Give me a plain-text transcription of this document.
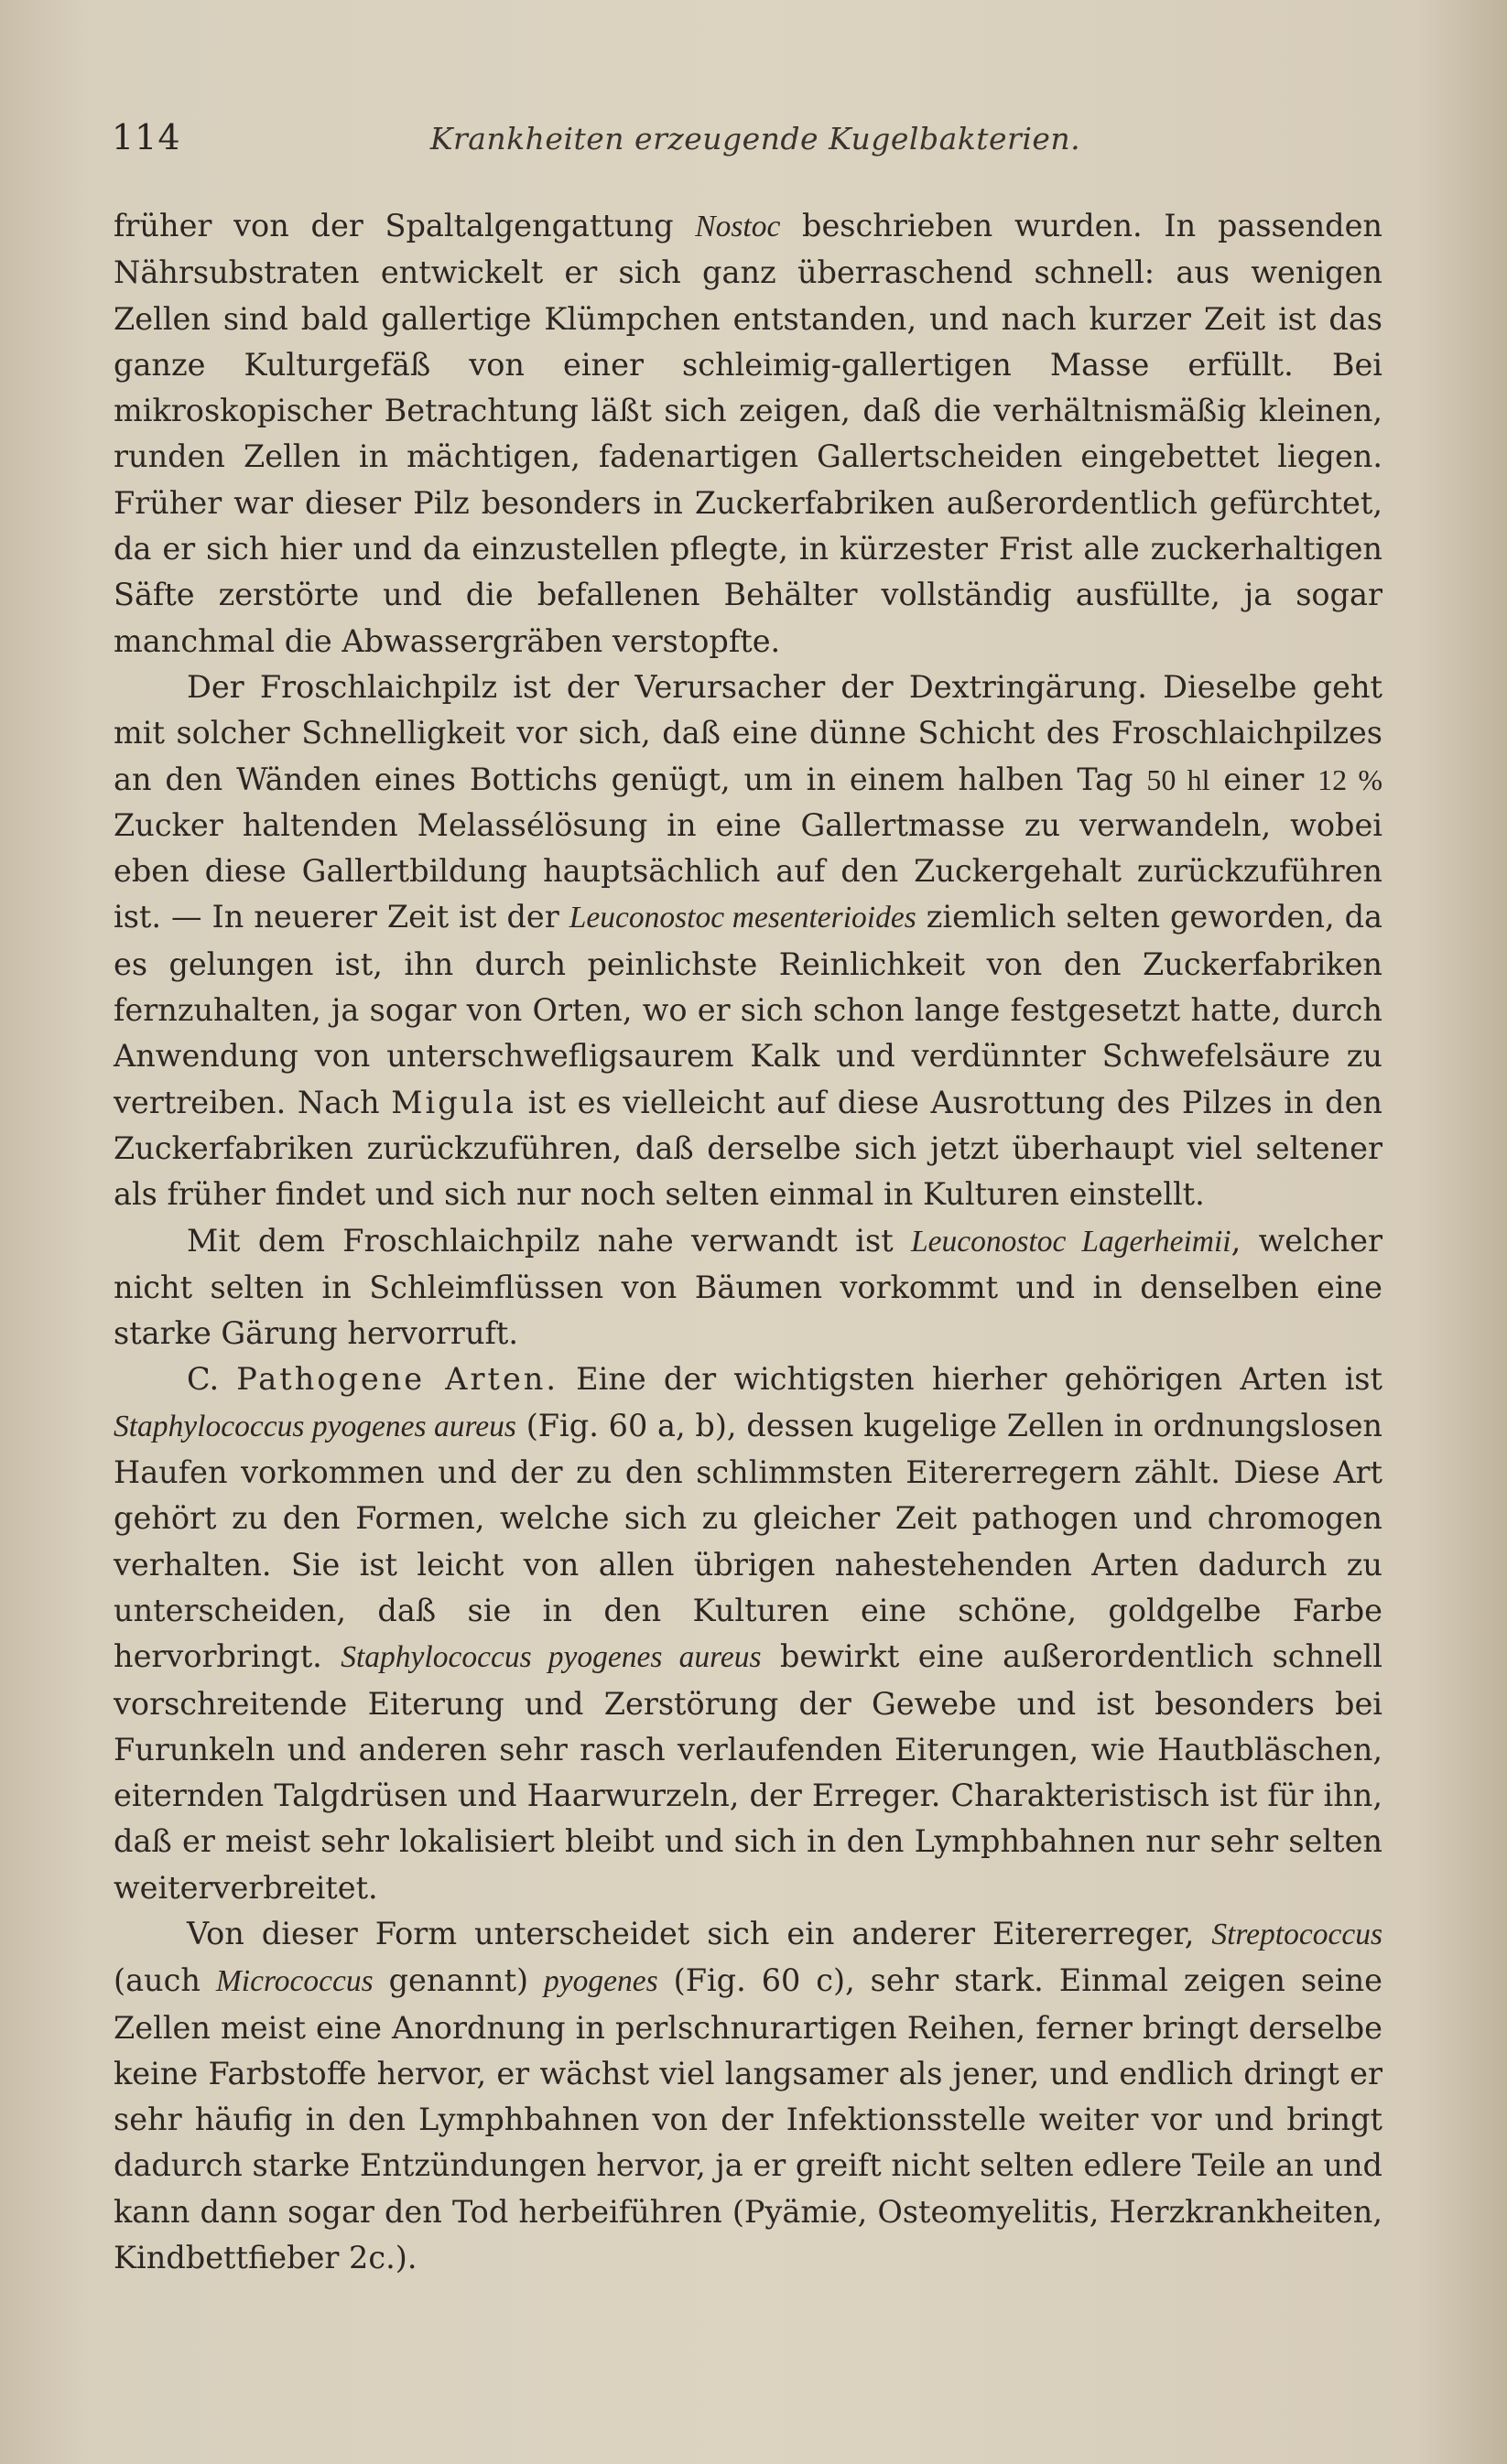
114	Krankheiten erzeugende Kugelbakterien.

früher von der Spaltalgengattung Nostoc beschrieben wurden. In passenden Nährsubstraten entwickelt er sich ganz überraschend schnell: aus wenigen Zellen sind bald gallertige Klümpchen entstanden, und nach kurzer Zeit ist das ganze Kulturgefäß von einer schleimig-gallertigen Masse erfüllt. Bei mikroskopischer Betrachtung läßt sich zeigen, daß die verhältnismäßig kleinen, runden Zellen in mächtigen, fadenartigen Gallertscheiden eingebettet liegen. Früher war dieser Pilz besonders in Zuckerfabriken außerordentlich gefürchtet, da er sich hier und da einzustellen pflegte, in kürzester Frist alle zuckerhaltigen Säfte zerstörte und die befallenen Behälter vollständig ausfüllte, ja sogar manchmal die Abwassergräben verstopfte.

Der Froschlaichpilz ist der Verursacher der Dextringärung. Dieselbe geht mit solcher Schnelligkeit vor sich, daß eine dünne Schicht des Froschlaichpilzes an den Wänden eines Bottichs genügt, um in einem halben Tag 50 hl einer 12 % Zucker haltenden Melassélösung in eine Gallertmasse zu verwandeln, wobei eben diese Gallertbildung hauptsächlich auf den Zuckergehalt zurückzuführen ist. — In neuerer Zeit ist der Leuconostoc mesenterioides ziemlich selten geworden, da es gelungen ist, ihn durch peinlichste Reinlichkeit von den Zuckerfabriken fernzuhalten, ja sogar von Orten, wo er sich schon lange festgesetzt hatte, durch Anwendung von unterschwefligsaurem Kalk und verdünnter Schwefelsäure zu vertreiben. Nach Migula ist es vielleicht auf diese Ausrottung des Pilzes in den Zuckerfabriken zurückzuführen, daß derselbe sich jetzt überhaupt viel seltener als früher findet und sich nur noch selten einmal in Kulturen einstellt.

Mit dem Froschlaichpilz nahe verwandt ist Leuconostoc Lagerheimii, welcher nicht selten in Schleimflüssen von Bäumen vorkommt und in denselben eine starke Gärung hervorruft.

C. Pathogene Arten. Eine der wichtigsten hierher gehörigen Arten ist Staphylococcus pyogenes aureus (Fig. 60 a, b), dessen kugelige Zellen in ordnungslosen Haufen vorkommen und der zu den schlimmsten Eitererregern zählt. Diese Art gehört zu den Formen, welche sich zu gleicher Zeit pathogen und chromogen verhalten. Sie ist leicht von allen übrigen nahestehenden Arten dadurch zu unterscheiden, daß sie in den Kulturen eine schöne, goldgelbe Farbe hervorbringt. Staphylococcus pyogenes aureus bewirkt eine außerordentlich schnell vorschreitende Eiterung und Zerstörung der Gewebe und ist besonders bei Furunkeln und anderen sehr rasch verlaufenden Eiterungen, wie Hautbläschen, eiternden Talgdrüsen und Haarwurzeln, der Erreger. Charakteristisch ist für ihn, daß er meist sehr lokalisiert bleibt und sich in den Lymphbahnen nur sehr selten weiterverbreitet.

Von dieser Form unterscheidet sich ein anderer Eitererreger, Streptococcus (auch Micrococcus genannt) pyogenes (Fig. 60 c), sehr stark. Einmal zeigen seine Zellen meist eine Anordnung in perlschnurartigen Reihen, ferner bringt derselbe keine Farbstoffe hervor, er wächst viel langsamer als jener, und endlich dringt er sehr häufig in den Lymphbahnen von der Infektionsstelle weiter vor und bringt dadurch starke Entzündungen hervor, ja er greift nicht selten edlere Teile an und kann dann sogar den Tod herbeiführen (Pyämie, Osteomyelitis, Herzkrankheiten, Kindbettfieber 2c.).
